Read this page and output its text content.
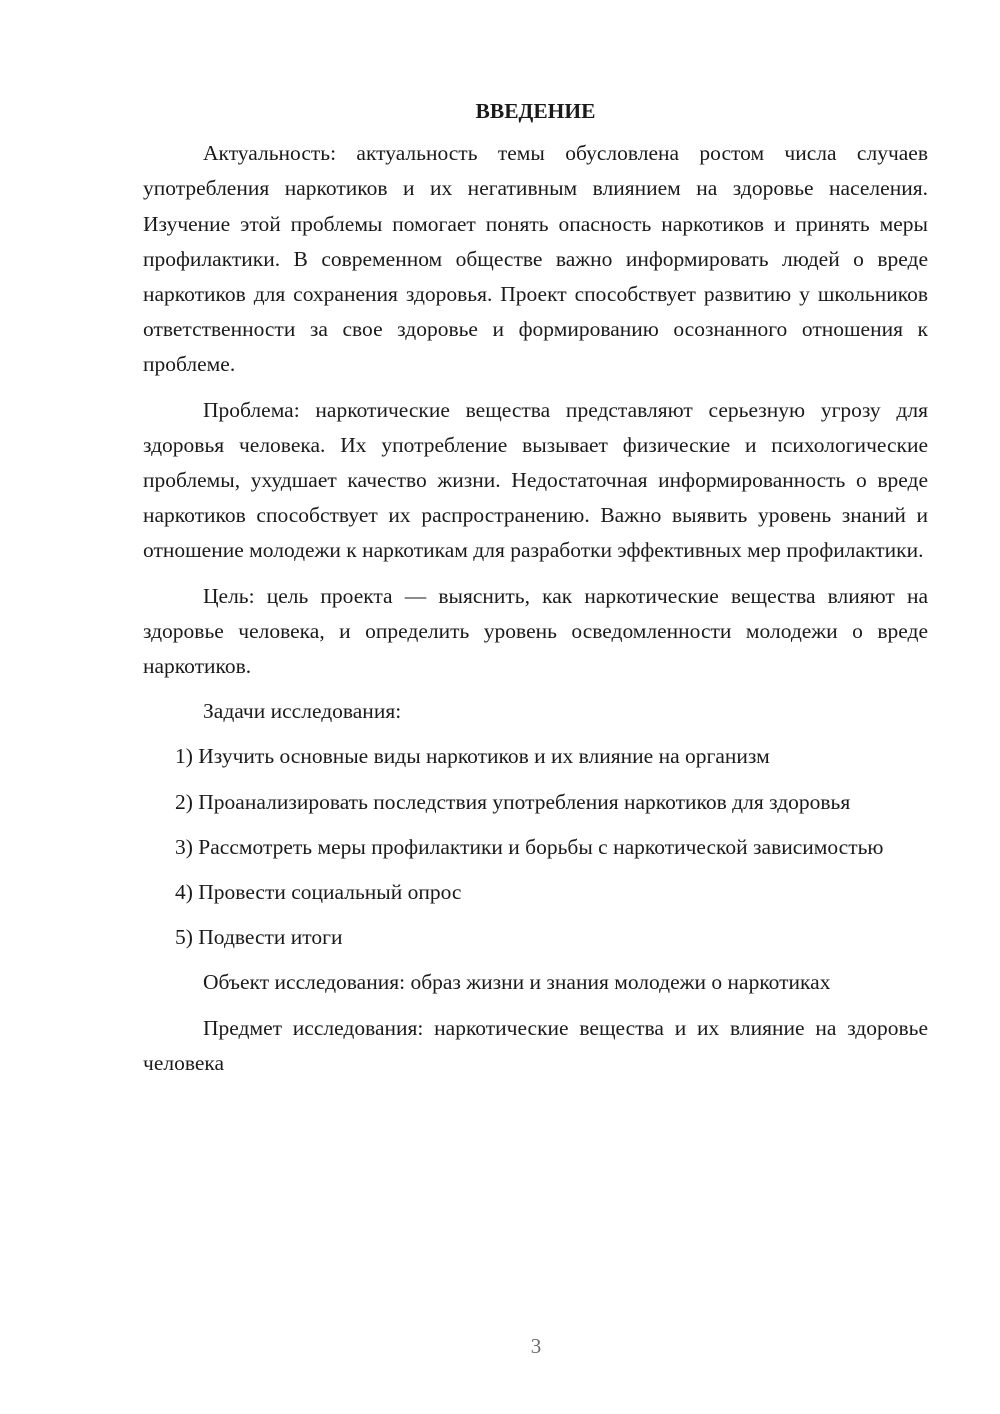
ВВЕДЕНИЕ

Актуальность: актуальность темы обусловлена ростом числа случаев употребления наркотиков и их негативным влиянием на здоровье населения. Изучение этой проблемы помогает понять опасность наркотиков и принять меры профилактики. В современном обществе важно информировать людей о вреде наркотиков для сохранения здоровья. Проект способствует развитию у школьников ответственности за свое здоровье и формированию осознанного отношения к проблеме.

Проблема: наркотические вещества представляют серьезную угрозу для здоровья человека. Их употребление вызывает физические и психологические проблемы, ухудшает качество жизни. Недостаточная информированность о вреде наркотиков способствует их распространению. Важно выявить уровень знаний и отношение молодежи к наркотикам для разработки эффективных мер профилактики.

Цель: цель проекта — выяснить, как наркотические вещества влияют на здоровье человека, и определить уровень осведомленности молодежи о вреде наркотиков.

Задачи исследования:

1) Изучить основные виды наркотиков и их влияние на организм

2) Проанализировать последствия употребления наркотиков для здоровья

3) Рассмотреть меры профилактики и борьбы с наркотической зависимостью

4) Провести социальный опрос

5) Подвести итоги

Объект исследования: образ жизни и знания молодежи о наркотиках

Предмет исследования: наркотические вещества и их влияние на здоровье человека

3
